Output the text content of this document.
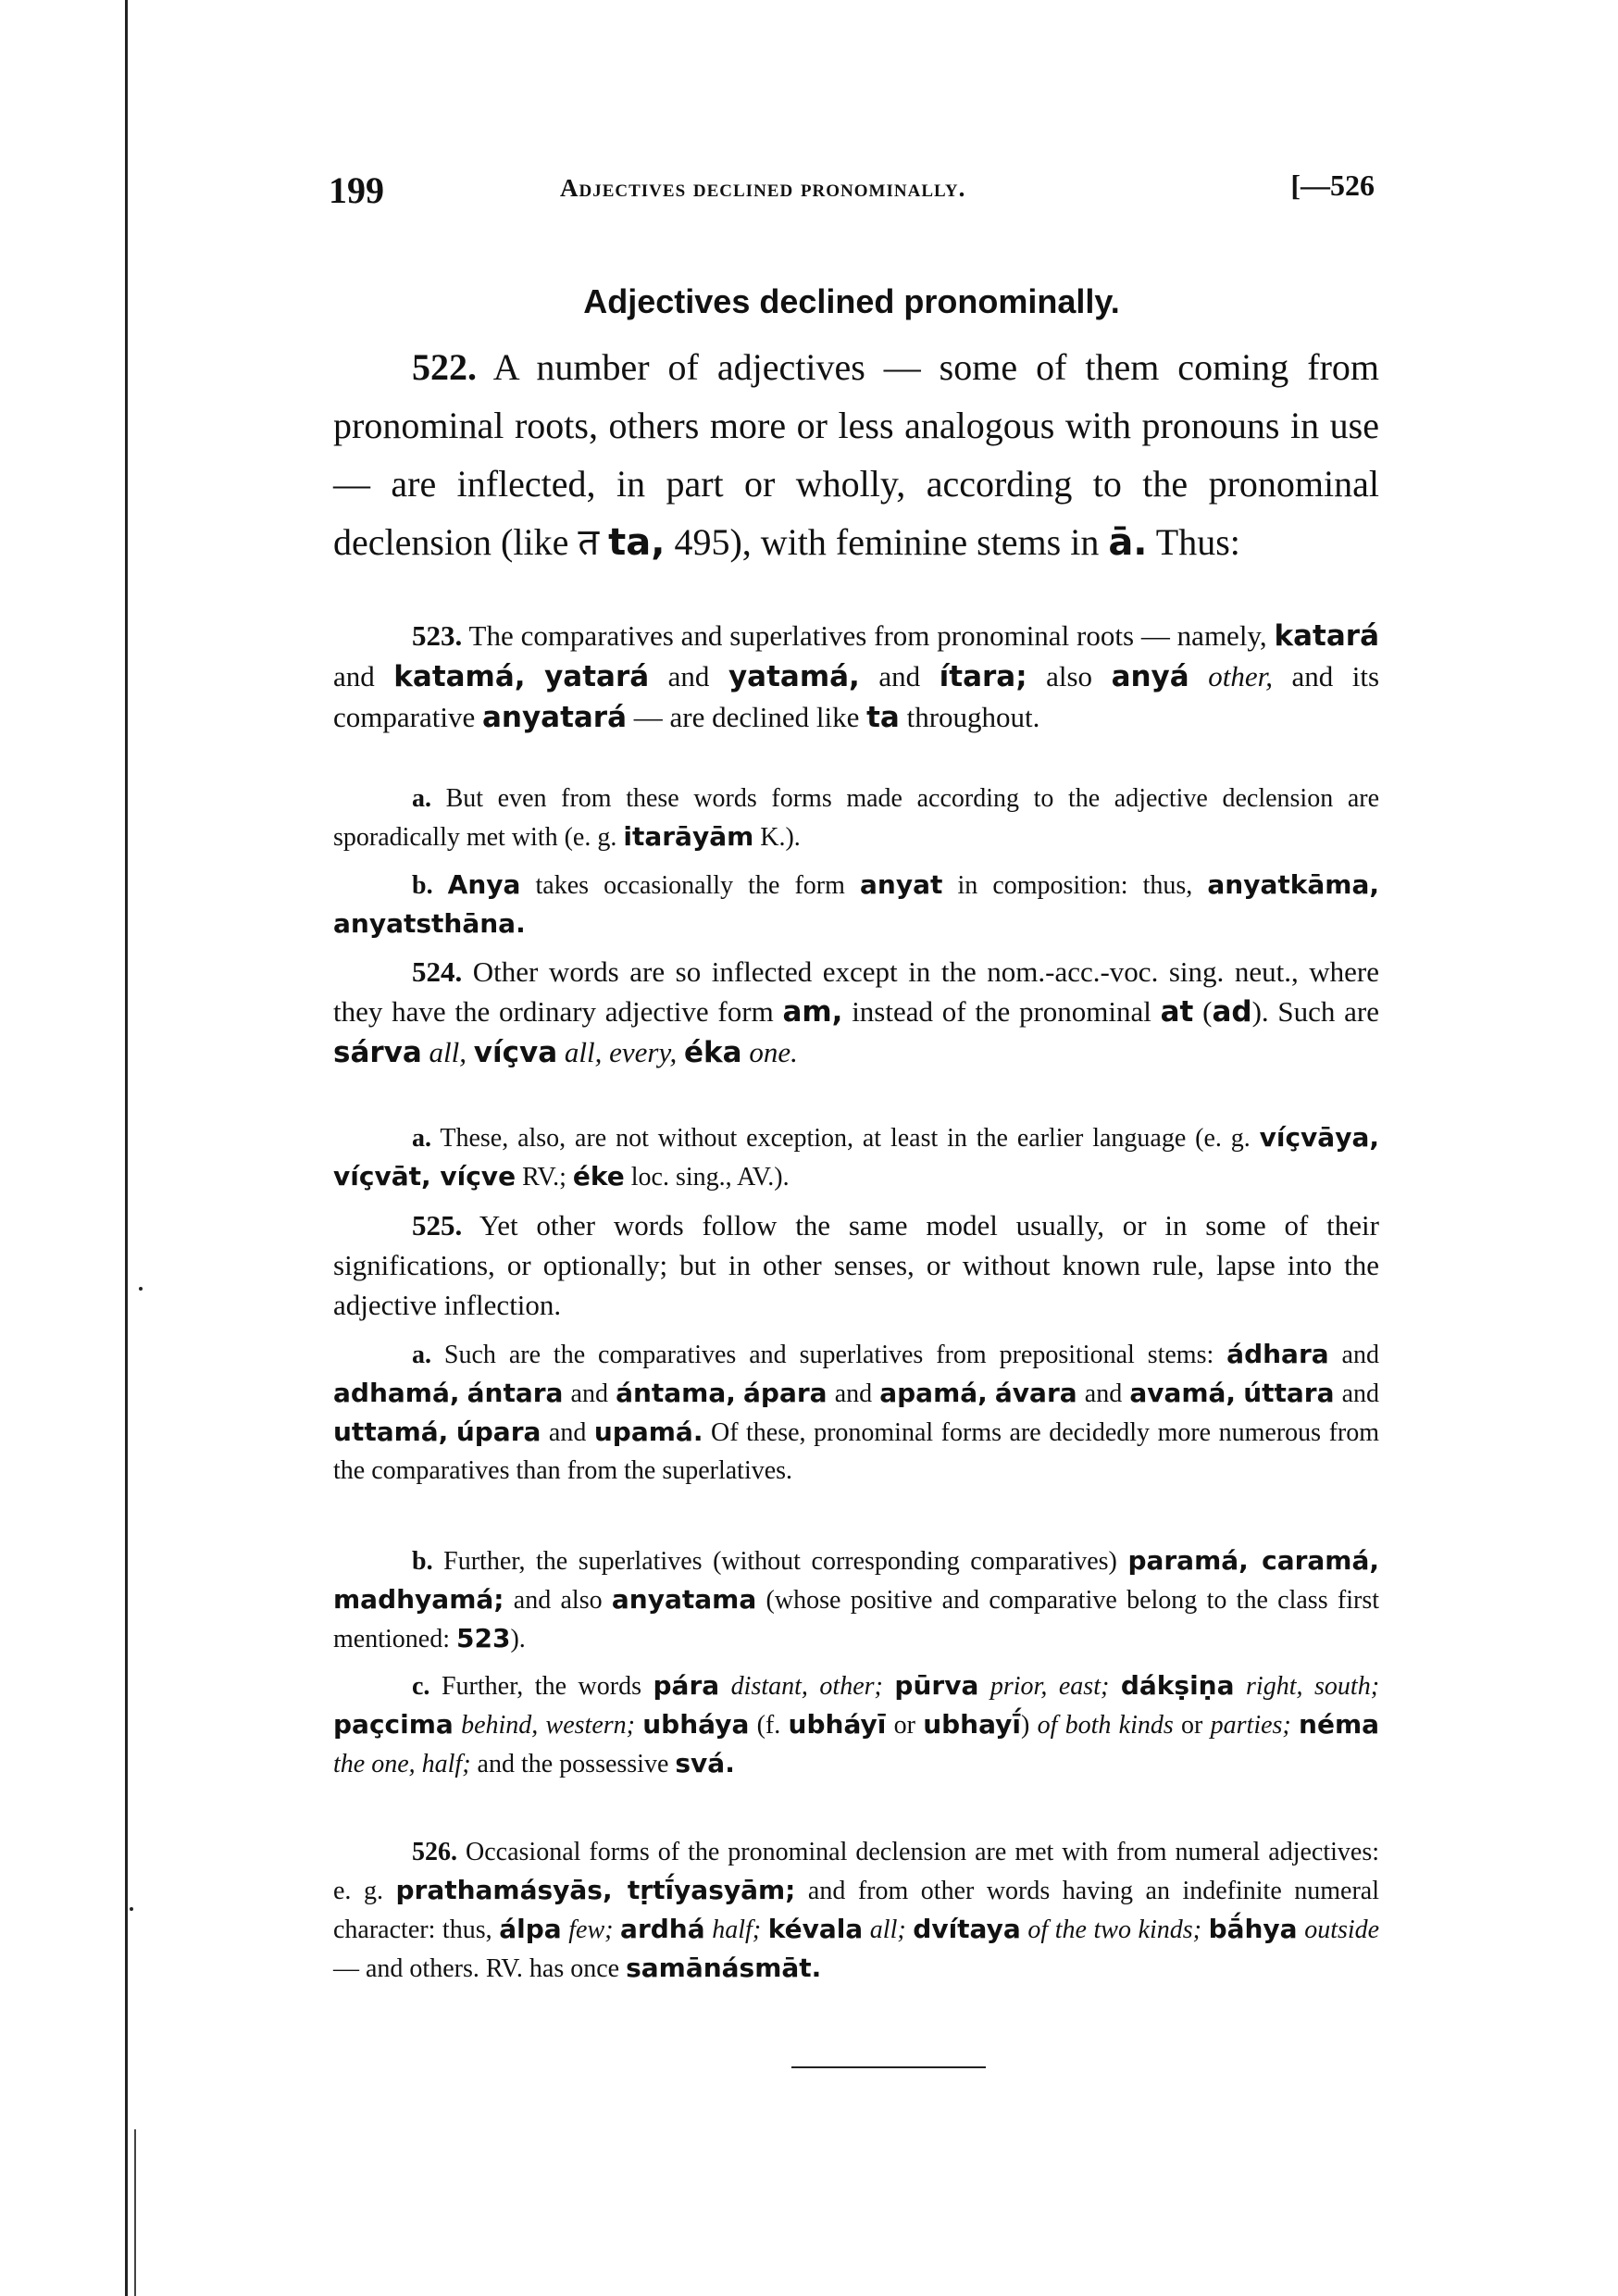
199	Adjectives declined pronominally.	[—526
Adjectives declined pronominally.
522. A number of adjectives — some of them coming from pronominal roots, others more or less analogous with pronouns in use — are inflected, in part or wholly, according to the pronominal declension (like त ta, 495), with feminine stems in ā. Thus:
523. The comparatives and superlatives from pronominal roots — namely, katará and katamá, yatará and yatamá, and ítara; also anyá other, and its comparative anyatará — are declined like ta throughout.
a. But even from these words forms made according to the adjective declension are sporadically met with (e. g. itarāyām K.).
b. Anya takes occasionally the form anyat in composition: thus, anyatkāma, anyatsthāna.
524. Other words are so inflected except in the nom.-acc.-voc. sing. neut., where they have the ordinary adjective form am, instead of the pronominal at (ad). Such are sárva all, víçva all, every, éka one.
a. These, also, are not without exception, at least in the earlier language (e. g. víçvāya, víçvāt, víçve RV.; éke loc. sing., AV.).
525. Yet other words follow the same model usually, or in some of their significations, or optionally; but in other senses, or without known rule, lapse into the adjective inflection.
a. Such are the comparatives and superlatives from prepositional stems: ádhara and adhamá, ántara and ántama, ápara and apamá, ávara and avamá, úttara and uttamá, úpara and upamá. Of these, pronominal forms are decidedly more numerous from the comparatives than from the superlatives.
b. Further, the superlatives (without corresponding comparatives) paramá, caramá, madhyamá; and also anyatama (whose positive and comparative belong to the class first mentioned: 523).
c. Further, the words pára distant, other; pūrva prior, east; dákṣiṇa right, south; paçcima behind, western; ubháya (f. ubháyī or ubhayī́) of both kinds or parties; néma the one, half; and the possessive svá.
526. Occasional forms of the pronominal declension are met with from numeral adjectives: e. g. prathamásyās, tṛtī́yasyām; and from other words having an indefinite numeral character: thus, álpa few; ardhá half; kévala all; dvítaya of the two kinds; bā́hya outside — and others. RV. has once samānásmāt.
